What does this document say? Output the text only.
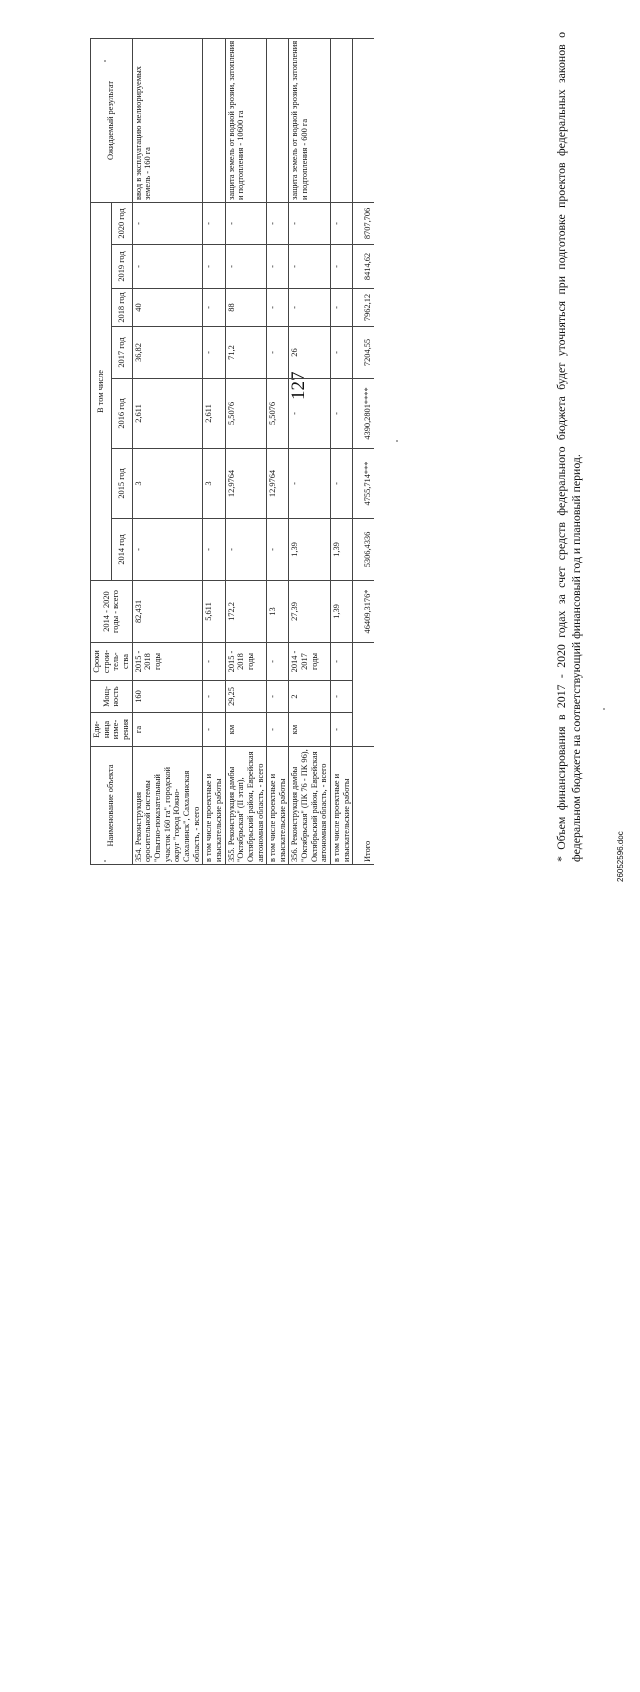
127
Наименование объекта	Еди-ница изме-рения	Мощ-ность	Сроки строи-тель-ства	2014 - 2020 годы - всего	В том числе							Ожидаемый результат
					2014 год	2015 год	2016 год	2017 год	2018 год	2019 год	2020 год	
354. Реконструкция оросительной системы "Опытно-показательный участок 160 га", городской округ "город Южно-Сахалинск", Сахалинская область, - всего	га	160	2015 - 2018 годы	82,431	-	3	2,611	36,82	40	-	-	ввод в эксплуатацию мелиорируемых земель - 160 га
в том числе проектные и изыскательские работы	-	-	-	5,611	-	3	2,611	-	-	-	-	
355. Реконструкция дамбы "Октябрьская" (II этап), Октябрьский район, Еврейская автономная область, - всего	км	29,25	2015 - 2018 годы	172,2	-	12,9764	5,5076	71,2	88	-	-	защита земель от водной эрозии, затопления и подтопления - 10600 га
в том числе проектные и изыскательские работы	-	-	-	13	-	12,9764	5,5076	-	-	-	-	
356. Реконструкция дамбы "Октябрьская" (ПК 76 - ПК 96), Октябрьский район, Еврейская автономная область, - всего	км	2	2014 - 2017 годы	27,39	1,39	-	-	26	-	-	-	защита земель от водной эрозии, затопления и подтопления - 600 га
в том числе проектные и изыскательские работы	-	-	-	1,39	1,39	-	-	-	-	-	-	
Итого				46409,3176*	5306,4336	4755,714***	4390,2801****	7204,55	7962,12	8414,62	8707,706		* Объем финансирования в 2017 - 2020 годах за счет средств федерального бюджета будет уточняться при подготовке проектов федеральных законов о федеральном бюджете на соответствующий финансовый год и плановый период.	26052596.doc
